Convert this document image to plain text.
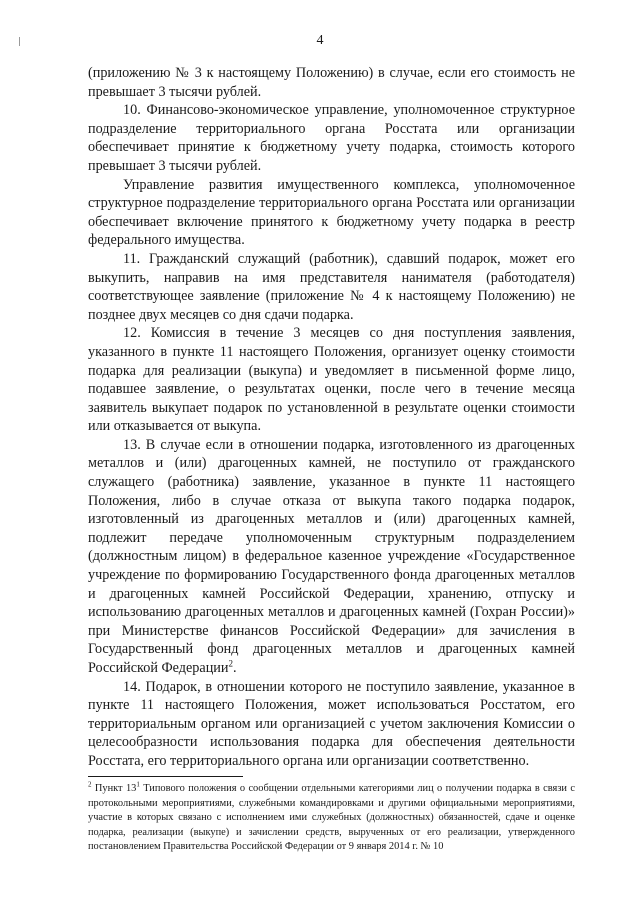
4

(приложению № 3 к настоящему Положению) в случае, если его стоимость не превышает 3 тысячи рублей.

10. Финансово-экономическое управление, уполномоченное структурное подразделение территориального органа Росстата или организации обеспечивает принятие к бюджетному учету подарка, стоимость которого превышает 3 тысячи рублей.

Управление развития имущественного комплекса, уполномоченное структурное подразделение территориального органа Росстата или организации обеспечивает включение принятого к бюджетному учету подарка в реестр федерального имущества.

11. Гражданский служащий (работник), сдавший подарок, может его выкупить, направив на имя представителя нанимателя (работодателя) соответствующее заявление (приложение № 4 к настоящему Положению) не позднее двух месяцев со дня сдачи подарка.

12. Комиссия в течение 3 месяцев со дня поступления заявления, указанного в пункте 11 настоящего Положения, организует оценку стоимости подарка для реализации (выкупа) и уведомляет в письменной форме лицо, подавшее заявление, о результатах оценки, после чего в течение месяца заявитель выкупает подарок по установленной в результате оценки стоимости или отказывается от выкупа.

13. В случае если в отношении подарка, изготовленного из драгоценных металлов и (или) драгоценных камней, не поступило от гражданского служащего (работника) заявление, указанное в пункте 11 настоящего Положения, либо в случае отказа от выкупа такого подарка подарок, изготовленный из драгоценных металлов и (или) драгоценных камней, подлежит передаче уполномоченным структурным подразделением (должностным лицом) в федеральное казенное учреждение «Государственное учреждение по формированию Государственного фонда драгоценных металлов и драгоценных камней Российской Федерации, хранению, отпуску и использованию драгоценных металлов и драгоценных камней (Гохран России)» при Министерстве финансов Российской Федерации» для зачисления в Государственный фонд драгоценных металлов и драгоценных камней Российской Федерации$^2$.

14. Подарок, в отношении которого не поступило заявление, указанное в пункте 11 настоящего Положения, может использоваться Росстатом, его территориальным органом или организацией с учетом заключения Комиссии о целесообразности использования подарка для обеспечения деятельности Росстата, его территориального органа или организации соответственно.

$^2$ Пункт $13^1$ Типового положения о сообщении отдельными категориями лиц о получении подарка в связи с протокольными мероприятиями, служебными командировками и другими официальными мероприятиями, участие в которых связано с исполнением ими служебных (должностных) обязанностей, сдаче и оценке подарка, реализации (выкупе) и зачислении средств, вырученных от его реализации, утвержденного постановлением Правительства Российской Федерации от 9 января 2014 г. № 10
